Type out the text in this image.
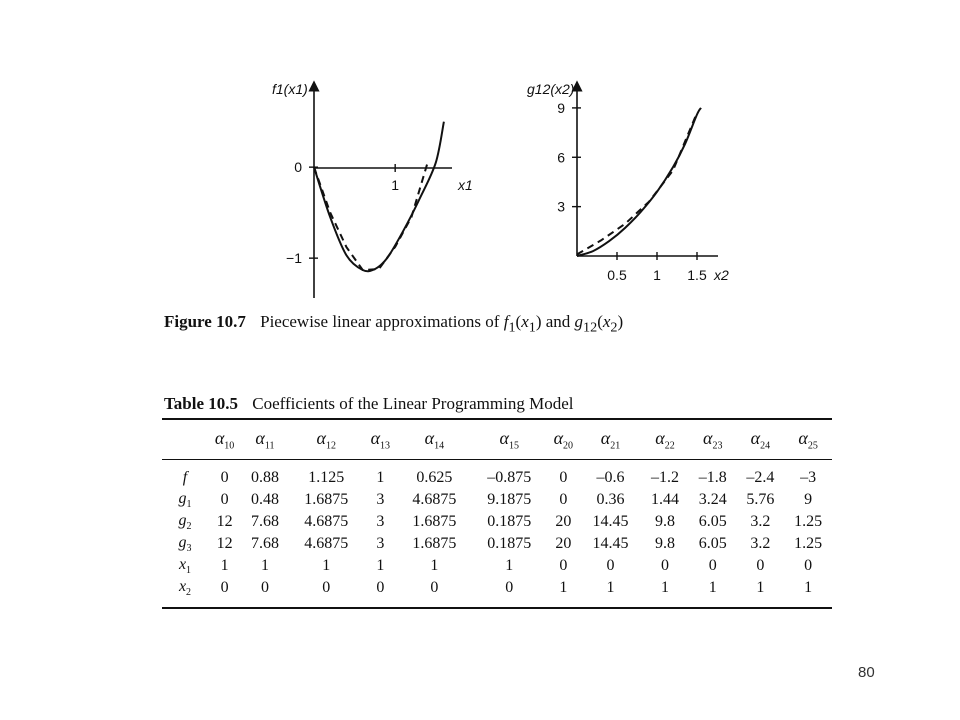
f1(x1)
x1
1
0
−1
g12(x2)
x2
0.5 1 1.5
3
6
9

Figure 10.7 Piecewise linear approximations of $f_1(x_1)$ and $g_{12}(x_2)$

Table 10.5 Coefficients of the Linear Programming Model

	$\alpha_{10}$	$\alpha_{11}$	$\alpha_{12}$	$\alpha_{13}$	$\alpha_{14}$	$\alpha_{15}$	$\alpha_{20}$	$\alpha_{21}$	$\alpha_{22}$	$\alpha_{23}$	$\alpha_{24}$	$\alpha_{25}$
f	0	0.88	1.125	1	0.625	–0.875	0	–0.6	–1.2	–1.8	–2.4	–3
$g_1$	0	0.48	1.6875	3	4.6875	9.1875	0	0.36	1.44	3.24	5.76	9
$g_2$	12	7.68	4.6875	3	1.6875	0.1875	20	14.45	9.8	6.05	3.2	1.25
$g_3$	12	7.68	4.6875	3	1.6875	0.1875	20	14.45	9.8	6.05	3.2	1.25
$x_1$	1	1	1	1	1	1	0	0	0	0	0	0
$x_2$	0	0	0	0	0	0	1	1	1	1	1	1

80
